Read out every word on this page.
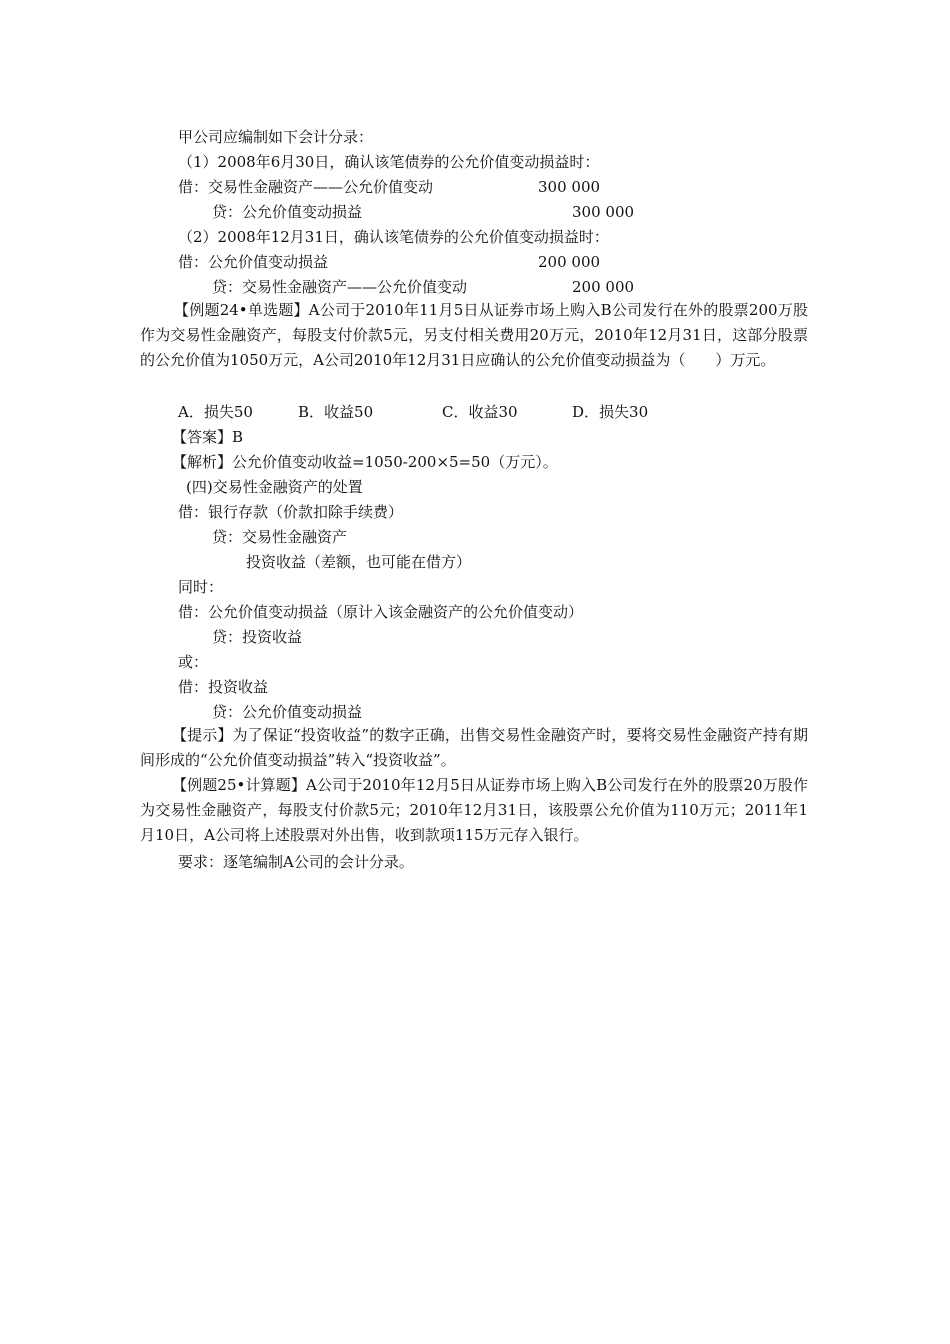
甲公司应编制如下会计分录：
（1）2008年6月30日，确认该笔债券的公允价值变动损益时：
借：交易性金融资产——公允价值变动	300 000
贷：公允价值变动损益	300 000
（2）2008年12月31日，确认该笔债券的公允价值变动损益时：
借：公允价值变动损益	200 000
贷：交易性金融资产——公允价值变动	200 000
【例题24•单选题】A公司于2010年11月5日从证券市场上购入B公司发行在外的股票200万股作为交易性金融资产，每股支付价款5元，另支付相关费用20万元，2010年12月31日，这部分股票的公允价值为1050万元，A公司2010年12月31日应确认的公允价值变动损益为（　　）万元。
A．损失50	B．收益50	C．收益30	D．损失30
【答案】B
【解析】公允价值变动收益=1050-200×5=50（万元）。
(四)交易性金融资产的处置
借：银行存款（价款扣除手续费）
贷：交易性金融资产
投资收益（差额，也可能在借方）
同时：
借：公允价值变动损益（原计入该金融资产的公允价值变动）
贷：投资收益
或：
借：投资收益
贷：公允价值变动损益
【提示】为了保证“投资收益”的数字正确，出售交易性金融资产时，要将交易性金融资产持有期间形成的“公允价值变动损益”转入“投资收益”。
【例题25•计算题】A公司于2010年12月5日从证券市场上购入B公司发行在外的股票20万股作为交易性金融资产，每股支付价款5元；2010年12月31日，该股票公允价值为110万元；2011年1月10日，A公司将上述股票对外出售，收到款项115万元存入银行。
要求：逐笔编制A公司的会计分录。
